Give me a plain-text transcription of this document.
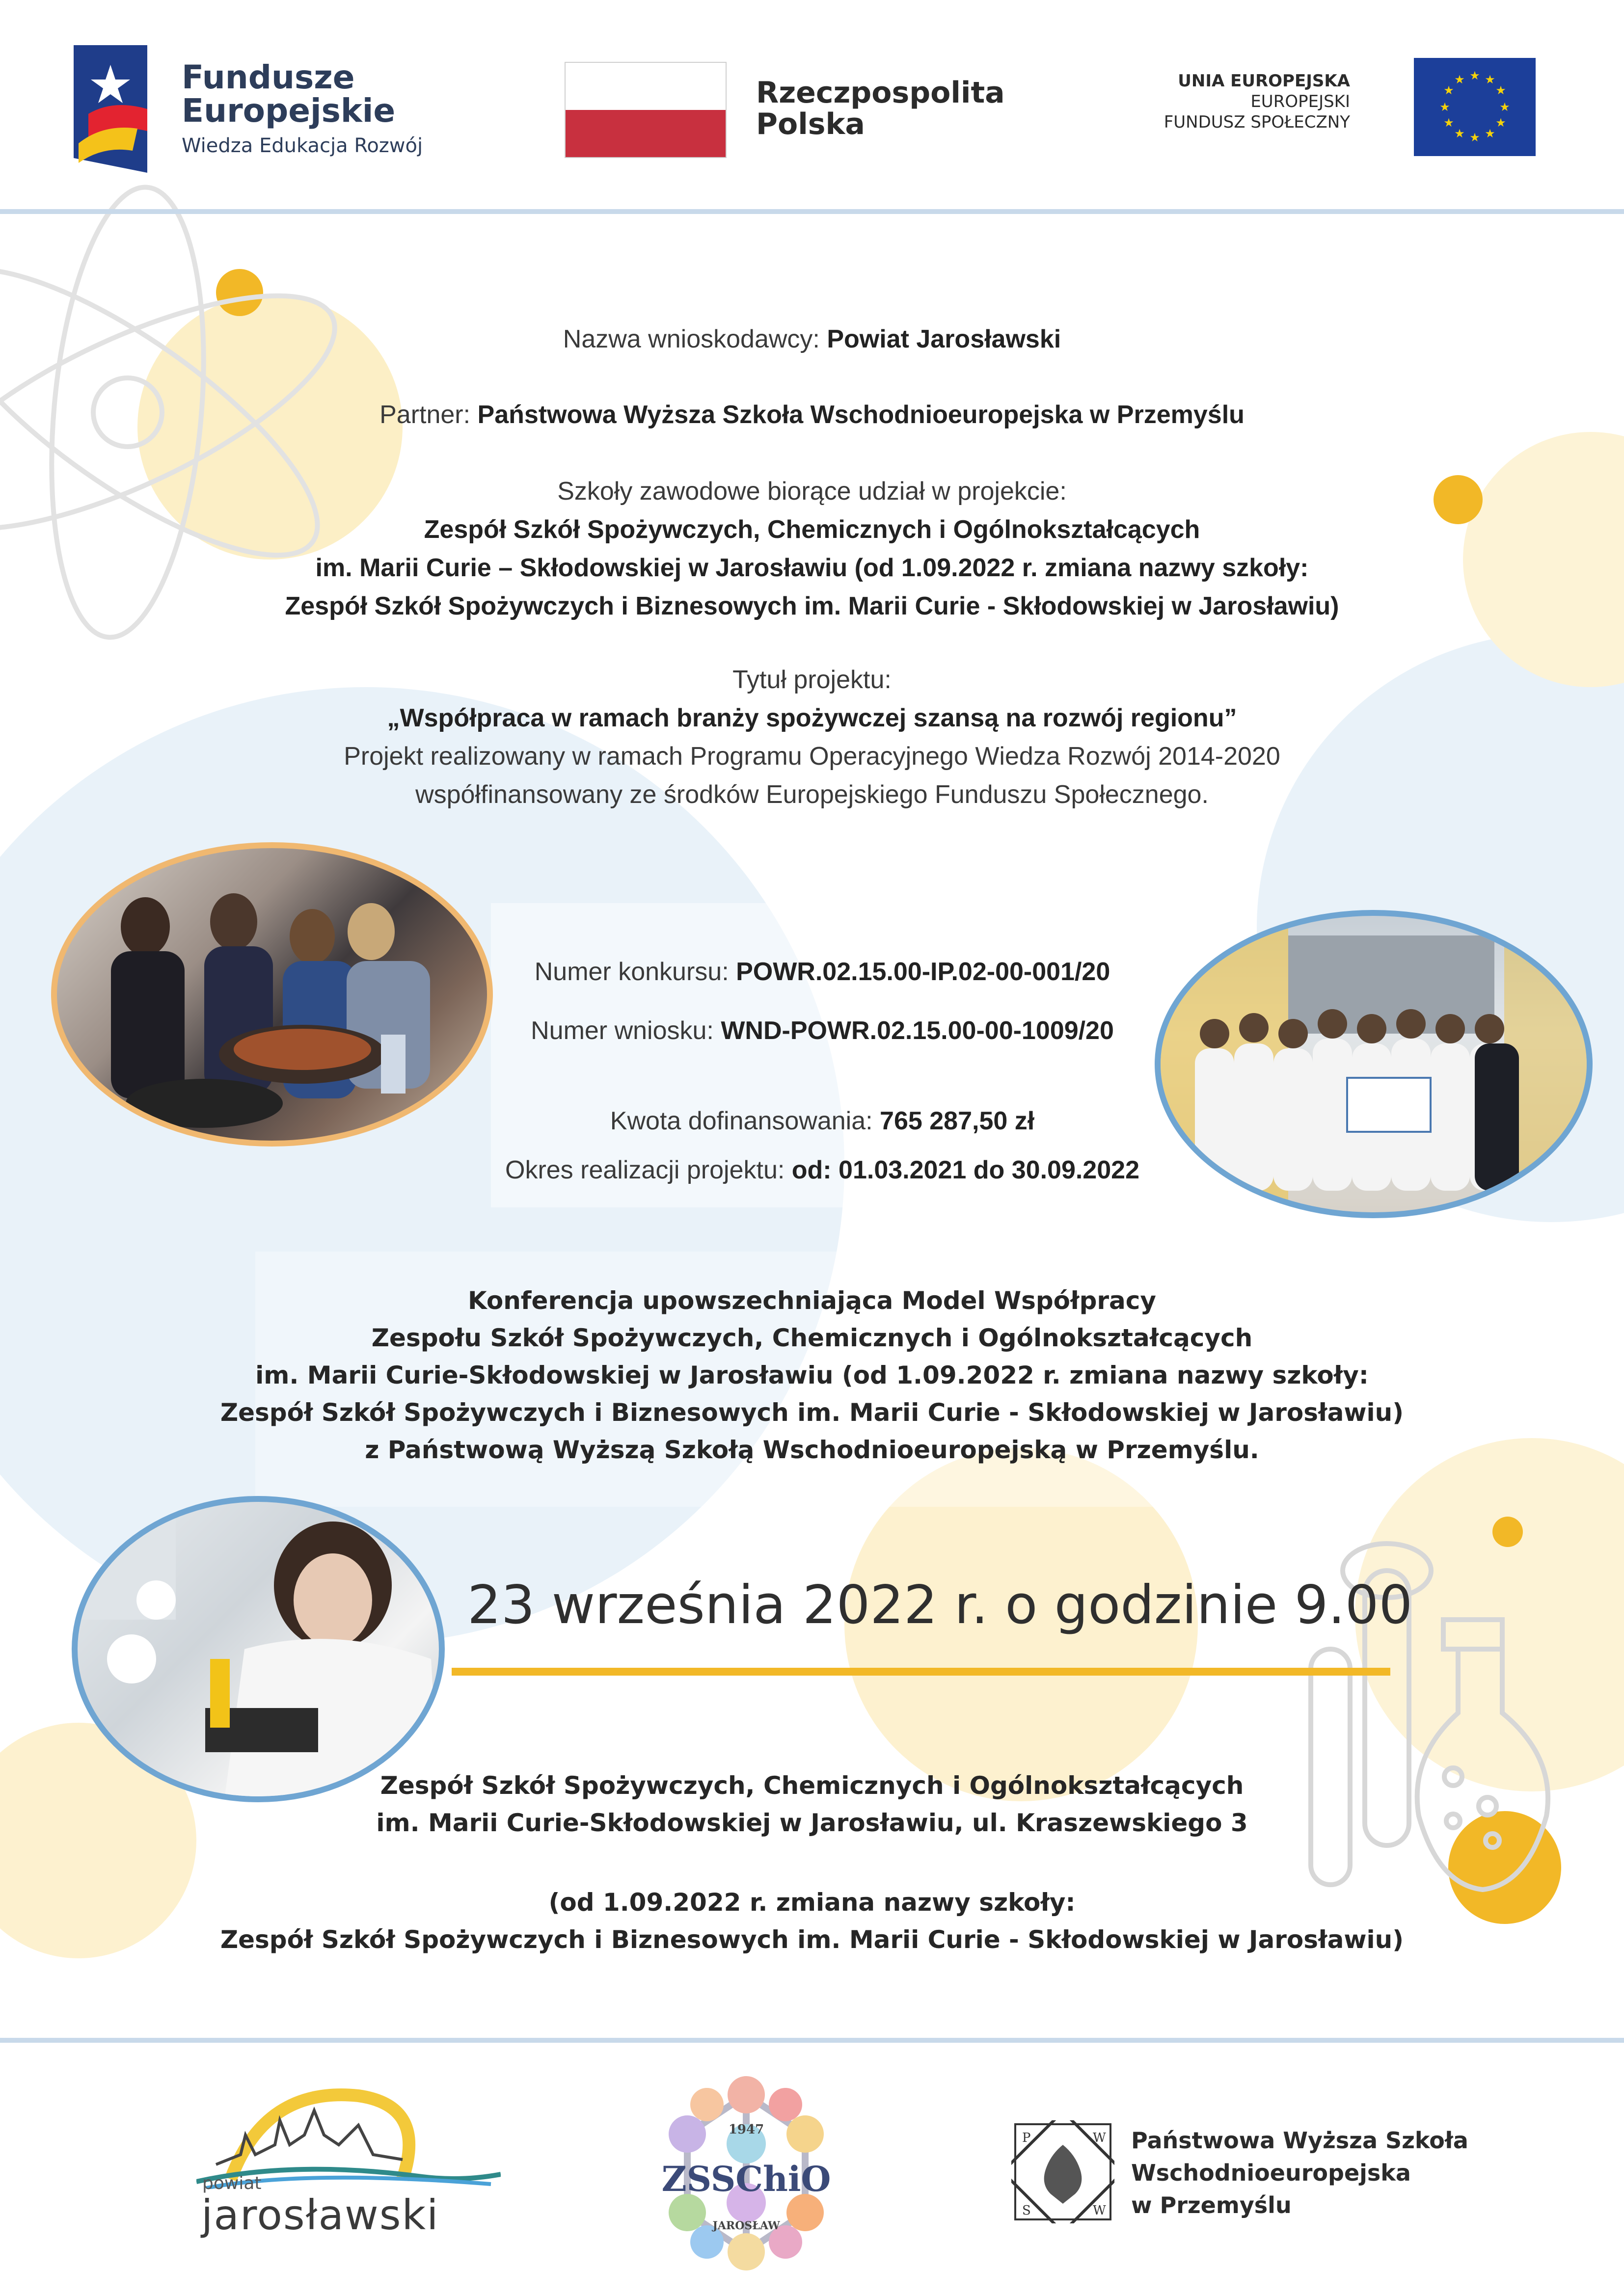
Fundusze
Europejskie
Wiedza Edukacja Rozwój
Rzeczpospolita
Polska
UNIA EUROPEJSKA
EUROPEJSKI
FUNDUSZ SPOŁECZNY
★ ★
★
★
★
★
★
★
★
★
★
★
Nazwa wnioskodawcy: Powiat Jarosławski
Partner: Państwowa Wyższa Szkoła Wschodnioeuropejska w Przemyślu
Szkoły zawodowe biorące udział w projekcie:
Zespół Szkół Spożywczych, Chemicznych i Ogólnokształcących
im. Marii Curie – Skłodowskiej w Jarosławiu (od 1.09.2022 r. zmiana nazwy szkoły:
Zespół Szkół Spożywczych i Biznesowych im. Marii Curie - Skłodowskiej w Jarosławiu)
Tytuł projektu:
„Współpraca w ramach branży spożywczej szansą na rozwój regionu”
Projekt realizowany w ramach Programu Operacyjnego Wiedza Rozwój 2014-2020
współfinansowany ze środków Europejskiego Funduszu Społecznego.
Numer konkursu: POWR.02.15.00-IP.02-00-001/20
Numer wniosku: WND-POWR.02.15.00-00-1009/20
Kwota dofinansowania: 765 287,50 zł
Okres realizacji projektu: od: 01.03.2021 do 30.09.2022
Konferencja upowszechniająca Model Współpracy
Zespołu Szkół Spożywczych, Chemicznych i Ogólnokształcących
im. Marii Curie-Skłodowskiej w Jarosławiu (od 1.09.2022 r. zmiana nazwy szkoły:
Zespół Szkół Spożywczych i Biznesowych im. Marii Curie - Skłodowskiej w Jarosławiu)
z Państwową Wyższą Szkołą Wschodnioeuropejską w Przemyślu.
23 września 2022 r. o godzinie 9.00
Zespół Szkół Spożywczych, Chemicznych i Ogólnokształcących
im. Marii Curie-Skłodowskiej w Jarosławiu, ul. Kraszewskiego 3
(od 1.09.2022 r. zmiana nazwy szkoły:
Zespół Szkół Spożywczych i Biznesowych im. Marii Curie - Skłodowskiej w Jarosławiu)
powiat
jarosławski
1947
ZSSChiO
JAROSŁAW
P	W
S	W
Państwowa Wyższa Szkoła
Wschodnioeuropejska
w Przemyślu
